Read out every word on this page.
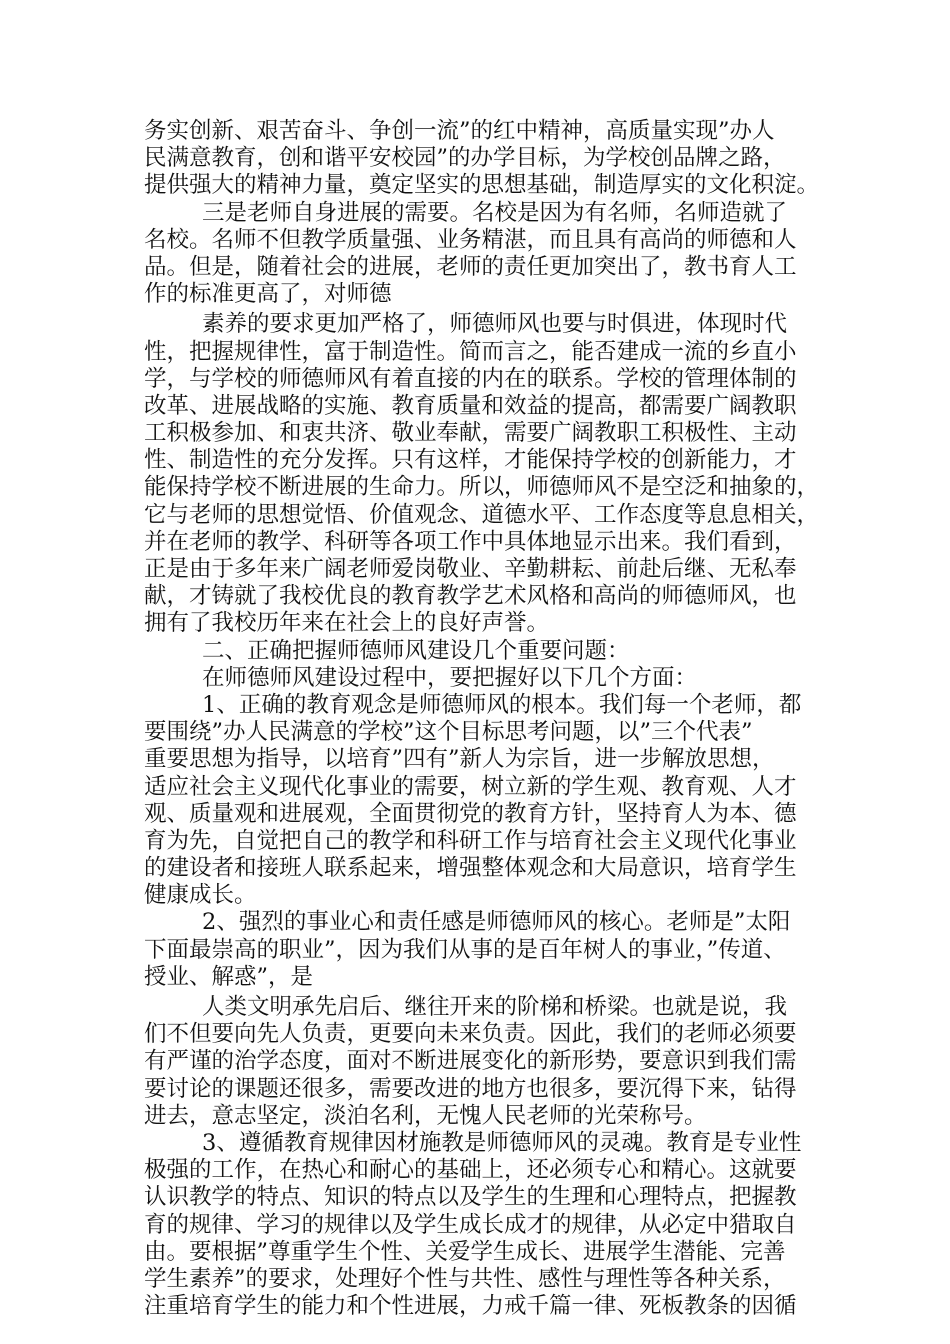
务实创新、艰苦奋斗、争创一流”的红中精神，高质量实现”办人
民满意教育，创和谐平安校园”的办学目标，为学校创品牌之路，
提供强大的精神力量，奠定坚实的思想基础，制造厚实的文化积淀。
三是老师自身进展的需要。名校是因为有名师，名师造就了
名校。名师不但教学质量强、业务精湛，而且具有高尚的师德和人
品。但是，随着社会的进展，老师的责任更加突出了，教书育人工
作的标准更高了，对师德
素养的要求更加严格了，师德师风也要与时俱进，体现时代
性，把握规律性，富于制造性。简而言之，能否建成一流的乡直小
学，与学校的师德师风有着直接的内在的联系。学校的管理体制的
改革、进展战略的实施、教育质量和效益的提高，都需要广阔教职
工积极参加、和衷共济、敬业奉献，需要广阔教职工积极性、主动
性、制造性的充分发挥。只有这样，才能保持学校的创新能力，才
能保持学校不断进展的生命力。所以，师德师风不是空泛和抽象的，
它与老师的思想觉悟、价值观念、道德水平、工作态度等息息相关，
并在老师的教学、科研等各项工作中具体地显示出来。我们看到，
正是由于多年来广阔老师爱岗敬业、辛勤耕耘、前赴后继、无私奉
献，才铸就了我校优良的教育教学艺术风格和高尚的师德师风，也
拥有了我校历年来在社会上的良好声誉。
二、正确把握师德师风建设几个重要问题：
在师德师风建设过程中，要把握好以下几个方面：
1、正确的教育观念是师德师风的根本。我们每一个老师，都
要围绕”办人民满意的学校”这个目标思考问题，以”三个代表”
重要思想为指导，以培育”四有”新人为宗旨，进一步解放思想，
适应社会主义现代化事业的需要，树立新的学生观、教育观、人才
观、质量观和进展观，全面贯彻党的教育方针，坚持育人为本、德
育为先，自觉把自己的教学和科研工作与培育社会主义现代化事业
的建设者和接班人联系起来，增强整体观念和大局意识，培育学生
健康成长。
2、强烈的事业心和责任感是师德师风的核心。老师是”太阳
下面最崇高的职业”，因为我们从事的是百年树人的事业，”传道、
授业、解惑”，是
人类文明承先启后、继往开来的阶梯和桥梁。也就是说，我
们不但要向先人负责，更要向未来负责。因此，我们的老师必须要
有严谨的治学态度，面对不断进展变化的新形势，要意识到我们需
要讨论的课题还很多，需要改进的地方也很多，要沉得下来，钻得
进去，意志坚定，淡泊名利，无愧人民老师的光荣称号。
3、遵循教育规律因材施教是师德师风的灵魂。教育是专业性
极强的工作，在热心和耐心的基础上，还必须专心和精心。这就要
认识教学的特点、知识的特点以及学生的生理和心理特点，把握教
育的规律、学习的规律以及学生成长成才的规律，从必定中猎取自
由。要根据”尊重学生个性、关爱学生成长、进展学生潜能、完善
学生素养”的要求，处理好个性与共性、感性与理性等各种关系，
注重培育学生的能力和个性进展，力戒千篇一律、死板教条的因循
